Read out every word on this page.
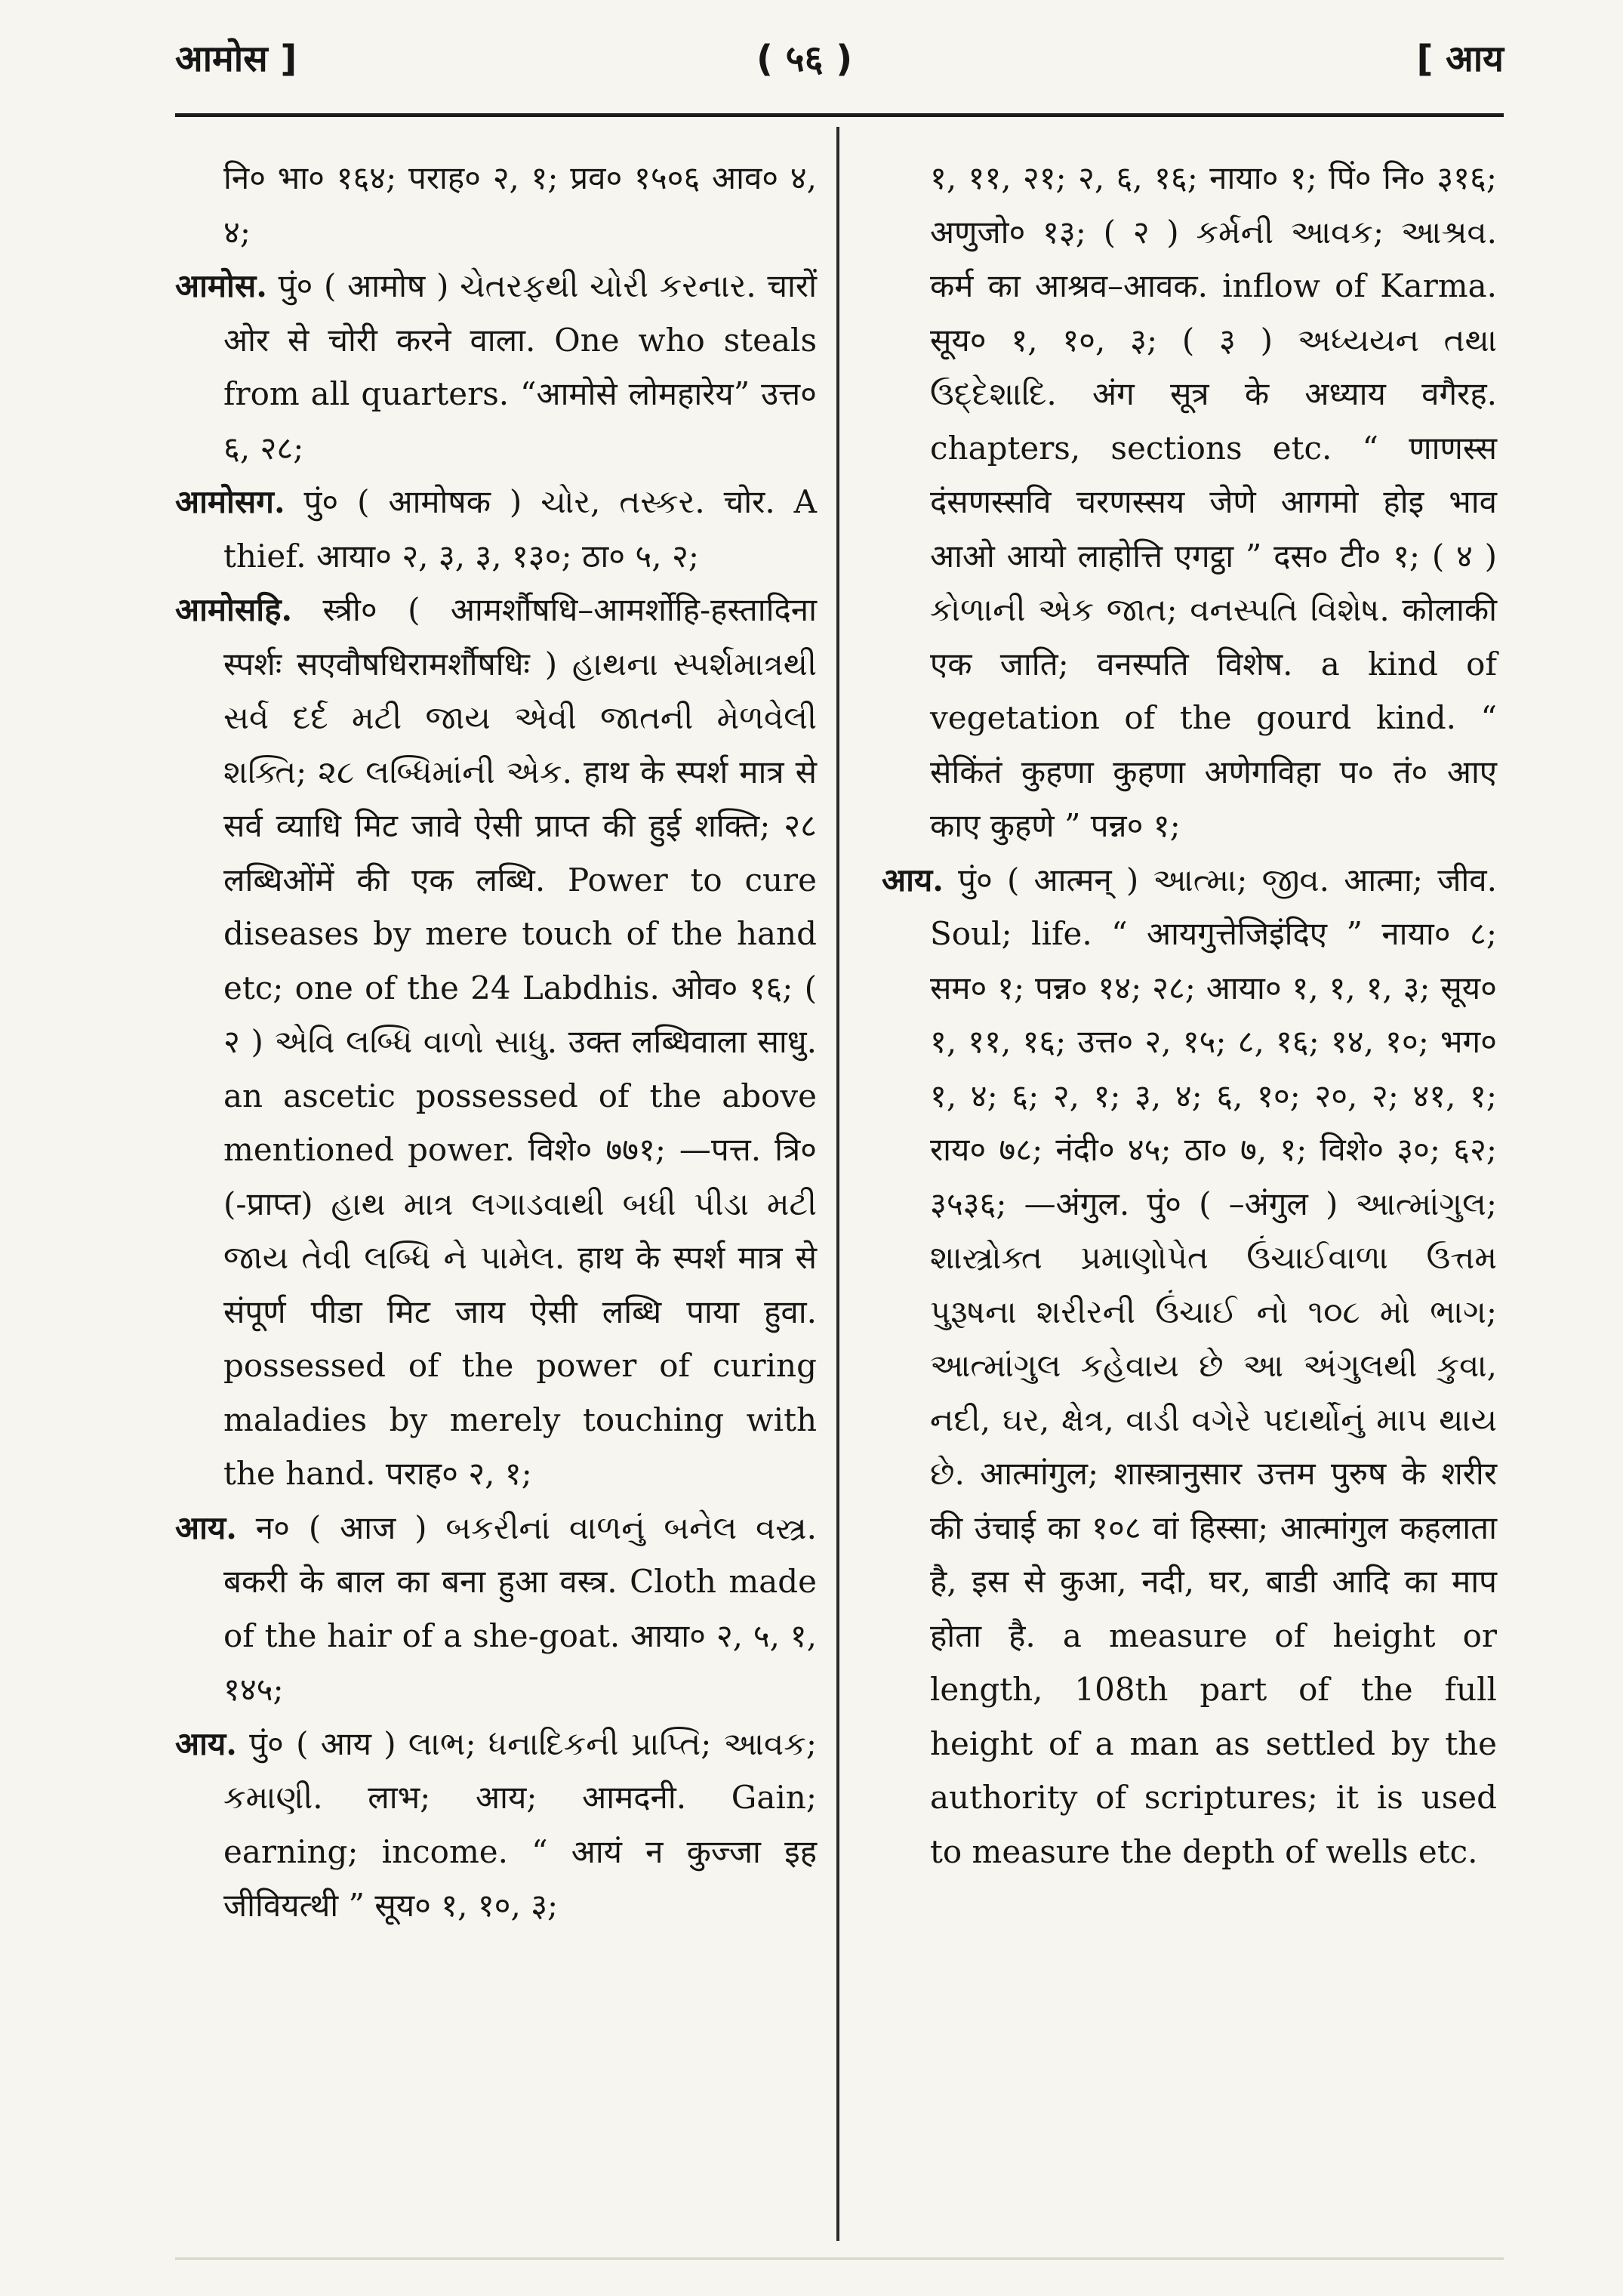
आमोस ]	( ५६ )	[ आय

नि० भा० १६४; पराह० २, १; प्रव० १५०६ आव० ४, ४;

आमोस. पुं० ( आमोष ) ચેતરફથી ચોરી કરનાર. चारों ओर से चोरी करने वाला. One who steals from all quarters. “आमोसे लोमहारेय” उत्त० ६, २८;

आमोसग. पुं० ( आमोषक ) ચોર, તસ્કર. चोर. A thief. आया० २, ३, ३, १३०; ठा० ५, २;

आमोसहि. स्त्री० ( आमर्शौषधि–आमर्शोहि-हस्तादिना स्पर्शः सएवौषधिरामर्शौषधिः ) હાથના સ્પર્શમાત્રથી સર્વ દર્દ મટી જાય એવી જાતની મેળવેલી શક્તિ; ૨૮ લબ્ધિમાંની એક. हाथ के स्पर्श मात्र से सर्व व्याधि मिट जावे ऐसी प्राप्त की हुई शक्ति; २८ लब्धिओंमें की एक लब्धि. Power to cure diseases by mere touch of the hand etc; one of the 24 Labdhis. ओव० १६; ( २ ) એવિ લબ્ધિ વાળો સાધુ. उक्त लब्धिवाला साधु. an ascetic possessed of the above mentioned power. विशे० ७७१; —पत्त. त्रि० (-प्राप्त) હાથ માત્ર લગાડવાથી બધી પીડા મટી જાય તેવી લબ્ધિ ને પામેલ. हाथ के स्पर्श मात्र से संपूर्ण पीडा मिट जाय ऐसी लब्धि पाया हुवा. possessed of the power of curing maladies by merely touching with the hand. पराह० २, १;

आय. न० ( आज ) બકરીનાં વાળનું બનેલ વસ્ત્ર. बकरी के बाल का बना हुआ वस्त्र. Cloth made of the hair of a she-goat. आया० २, ५, १, १४५;

आय. पुं० ( आय ) લાભ; ધનાદિકની પ્રાપ્તિ; આવક; કમાણી. लाभ; आय; आमदनी. Gain; earning; income. “ आयं न कुज्जा इह जीवियत्थी ” सूय० १, १०, ३;

१, ११, २१; २, ६, १६; नाया० १; पिं० नि० ३१६; अणुजो० १३; ( २ ) કર્મની આવક; આશ્રવ. कर्म का आश्रव–आवक. inflow of Karma. सूय० १, १०, ३; ( ३ ) અધ્યયન તથા ઉદ્દેશાદિ. अंग सूत्र के अध्याय वगैरह. chapters, sections etc. “ णाणस्स दंसणस्सवि चरणस्सय जेणे आगमो होइ भाव आओ आयो लाहोत्ति एगट्ठा ” दस० टी० १; ( ४ ) કોળાની એક જાત; વનસ્પતિ વિશેષ. कोलाकी एक जाति; वनस्पति विशेष. a kind of vegetation of the gourd kind. “ सेकिंतं कुहणा कुहणा अणेगविहा प० तं० आए काए कुहणे ” पन्न० १;

आय. पुं० ( आत्मन् ) આત્મા; જીવ. आत्मा; जीव. Soul; life. “ आयगुत्तेजिइंदिए ” नाया० ८; सम० १; पन्न० १४; २८; आया० १, १, १, ३; सूय० १, ११, १६; उत्त० २, १५; ८, १६; १४, १०; भग० १, ४; ६; २, १; ३, ४; ६, १०; २०, २; ४१, १; राय० ७८; नंदी० ४५; ठा० ७, १; विशे० ३०; ६२; ३५३६; —अंगुल. पुं० ( –अंगुल ) આત્માંગુલ; શાસ્ત્રોક્ત પ્રમાણોપેત ઉંચાઈવાળા ઉત્તમ પુરૂષના શરીરની ઉંચાઈ નો ૧૦૮ મો ભાગ; આત્માંગુલ કહેવાય છે આ અંગુલથી કુવા, નદી, ઘર, ક્ષેત્ર, વાડી વગેરે પદાર્થોનું માપ થાય છે. आत्मांगुल; शास्त्रानुसार उत्तम पुरुष के शरीर की उंचाई का १०८ वां हिस्सा; आत्मांगुल कहलाता है, इस से कुआ, नदी, घर, बाडी आदि का माप होता है. a measure of height or length, 108th part of the full height of a man as settled by the authority of scriptures; it is used to measure the depth of wells etc.
